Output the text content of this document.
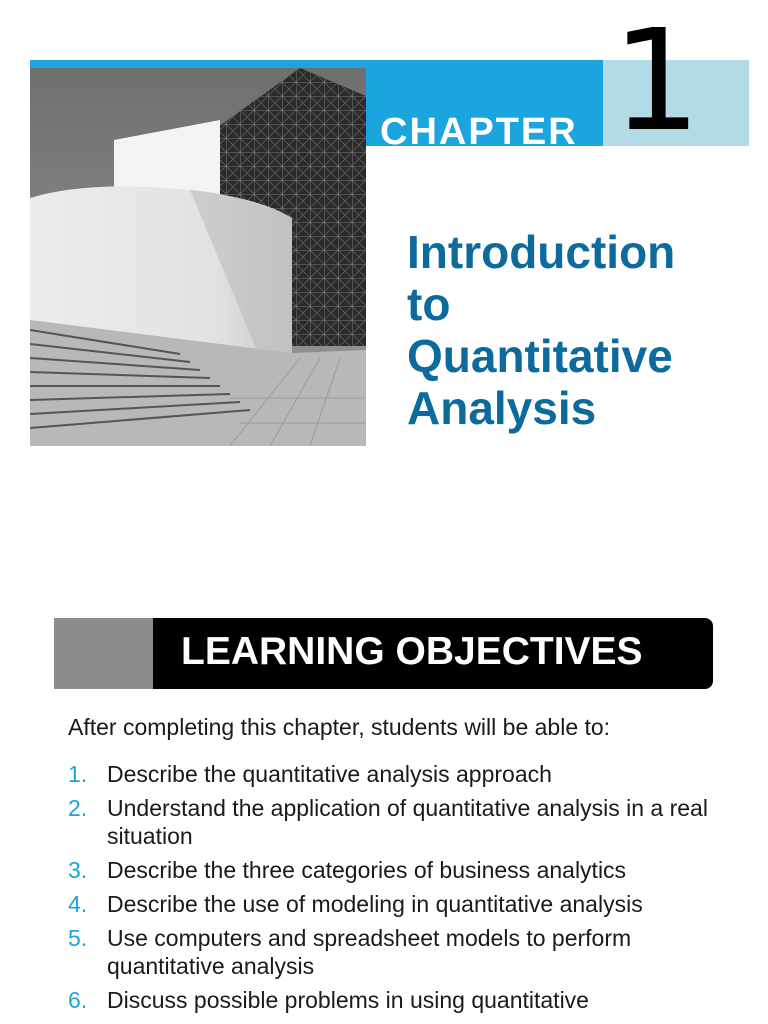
CHAPTER 1
Introduction
to
Quantitative
Analysis
LEARNING OBJECTIVES
After completing this chapter, students will be able to:
1. Describe the quantitative analysis approach
2. Understand the application of quantitative analysis in a real situation
3. Describe the three categories of business analytics
4. Describe the use of modeling in quantitative analysis
5. Use computers and spreadsheet models to perform quantitative analysis
6. Discuss possible problems in using quantitative
